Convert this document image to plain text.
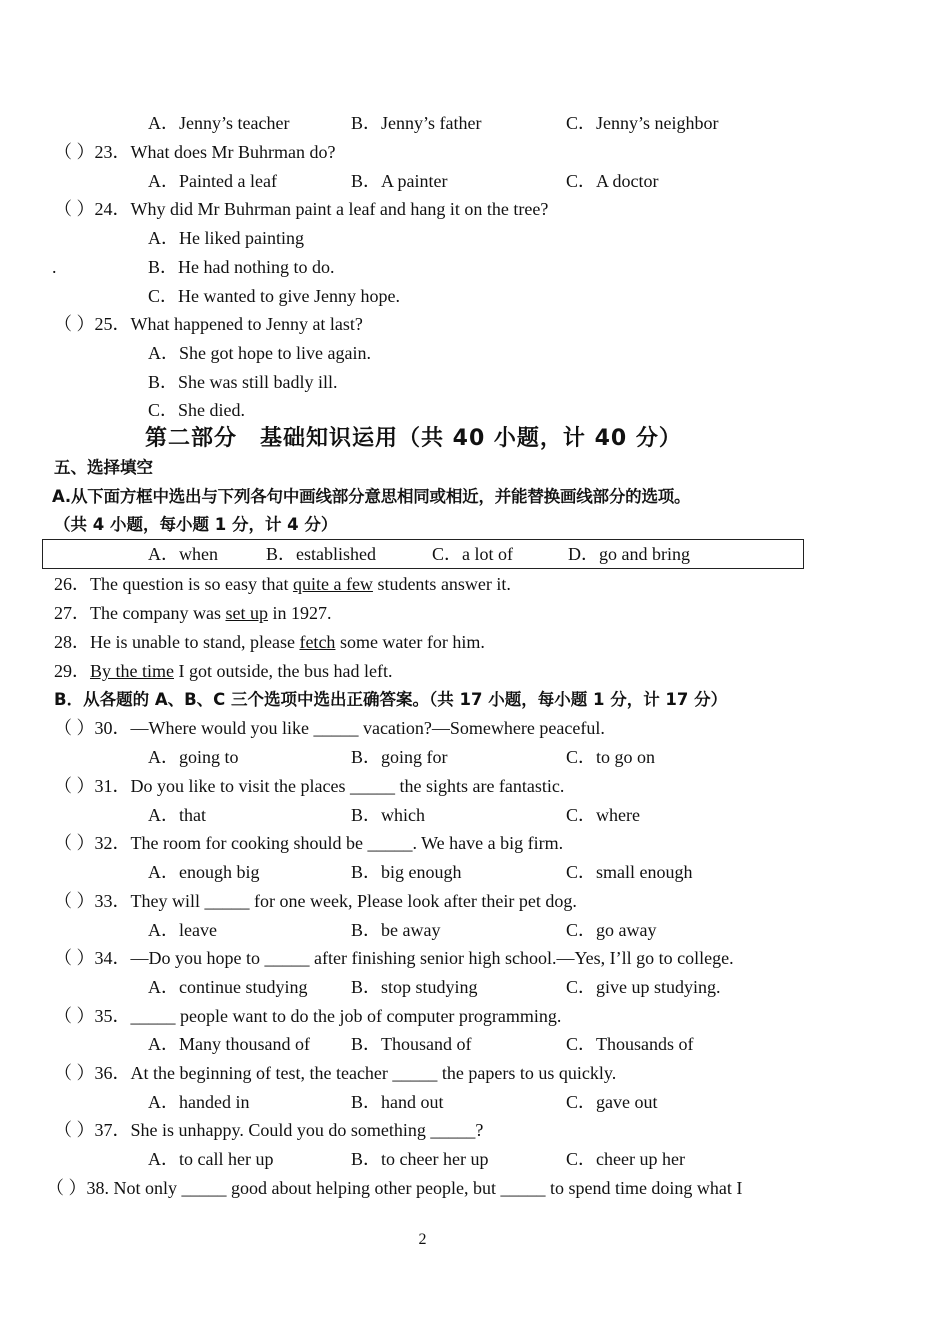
A．Jenny’s teacher	B．Jenny’s father	C．Jenny’s neighbor
（ ）23．What does Mr Buhrman do?
A．Painted a leaf	B．A painter	C．A doctor
（ ）24．Why did Mr Buhrman paint a leaf and hang it on the tree?
A．He liked painting
.	B．He had nothing to do.
C．He wanted to give Jenny hope.
（ ）25．What happened to Jenny at last?
A．She got hope to live again.
B．She was still badly ill.
C．She died.
第二部分　基础知识运用（共 40 小题，计 40 分）
五、选择填空
A.从下面方框中选出与下列各句中画线部分意思相同或相近，并能替换画线部分的选项。
（共 4 小题，每小题 1 分，计 4 分）
A．when	B．established	C．a lot of	D．go and bring
26．The question is so easy that quite a few students answer it.
27．The company was set up in 1927.
28．He is unable to stand, please fetch some water for him.
29．By the time I got outside, the bus had left.
B．从各题的 A、B、C 三个选项中选出正确答案。（共 17 小题，每小题 1 分，计 17 分）
（ ）30．—Where would you like _____ vacation?—Somewhere peaceful.
A．going to	B．going for	C．to go on
（ ）31．Do you like to visit the places _____ the sights are fantastic.
A．that	B．which	C．where
（ ）32．The room for cooking should be _____. We have a big firm.
A．enough big	B．big enough	C．small enough
（ ）33．They will _____ for one week, Please look after their pet dog.
A．leave	B．be away	C．go away
（ ）34．—Do you hope to _____ after finishing senior high school.—Yes, I’ll go to college.
A．continue studying B．stop studying	C．give up studying.
（ ）35．_____ people want to do the job of computer programming.
A．Many thousand of B．Thousand of	C．Thousands of
（ ）36．At the beginning of test, the teacher _____ the papers to us quickly.
A．handed in	B．hand out	C．gave out
（ ）37．She is unhappy. Could you do something _____?
A．to call her up	B．to cheer her up	C．cheer up her
（ ）38. Not only _____ good about helping other people, but _____ to spend time doing what I
2
